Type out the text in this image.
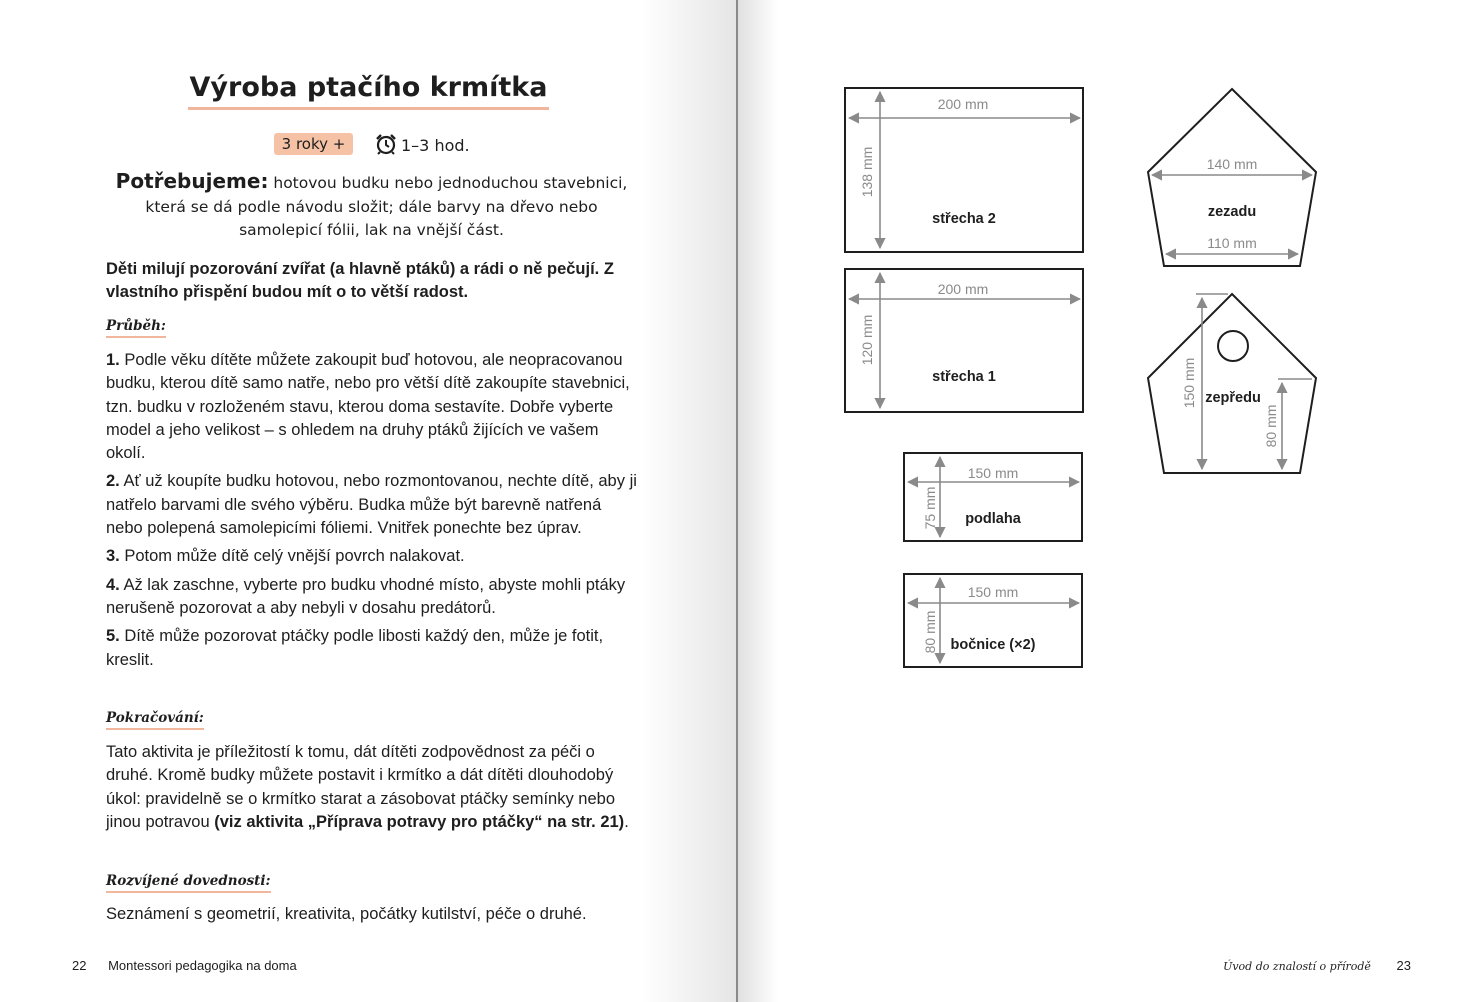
Výroba ptačího krmítka
3 roky +	1–3 hod.
Potřebujeme: hotovou budku nebo jednoduchou stavebnici, která se dá podle návodu složit; dále barvy na dřevo nebo samolepicí fólii, lak na vnější část.
Děti milují pozorování zvířat (a hlavně ptáků) a rádi o ně pečují. Z vlastního přispění budou mít o to větší radost.
Průběh:

1. Podle věku dítěte můžete zakoupit buď hotovou, ale neopracovanou budku, kterou dítě samo natře, nebo pro větší dítě zakoupíte stavebnici, tzn. budku v rozloženém stavu, kterou doma sestavíte. Dobře vyberte model a jeho velikost – s ohledem na druhy ptáků žijících ve vašem okolí.

2. Ať už koupíte budku hotovou, nebo rozmontovanou, nechte dítě, aby ji natřelo barvami dle svého výběru. Budka může být barevně natřená nebo polepená samolepicími fóliemi. Vnitřek ponechte bez úprav.

3. Potom může dítě celý vnější povrch nalakovat.

4. Až lak zaschne, vyberte pro budku vhodné místo, abyste mohli ptáky nerušeně pozorovat a aby nebyli v dosahu predátorů.

5. Dítě může pozorovat ptáčky podle libosti každý den, může je fotit, kreslit.

Pokračování:
Tato aktivita je příležitostí k tomu, dát dítěti zodpovědnost za péči o druhé. Kromě budky můžete postavit i krmítko a dát dítěti dlouhodobý úkol: pravidelně se o krmítko starat a zásobovat ptáčky semínky nebo jinou potravou (viz aktivita „Příprava potravy pro ptáčky“ na str. 21).
Rozvíjené dovednosti:
Seznámení s geometrií, kreativita, počátky kutilství, péče o druhé.
22 Montessori pedagogika na doma
200 mm
138 mm
střecha 2
200 mm
120 mm
střecha 1
150 mm
75 mm podlaha
150 mm
80 mm bočnice (×2)
140 mm
110 mm
zezadu
150 mm
80 mm
zepředu
Úvod do znalostí o přírodě 23
